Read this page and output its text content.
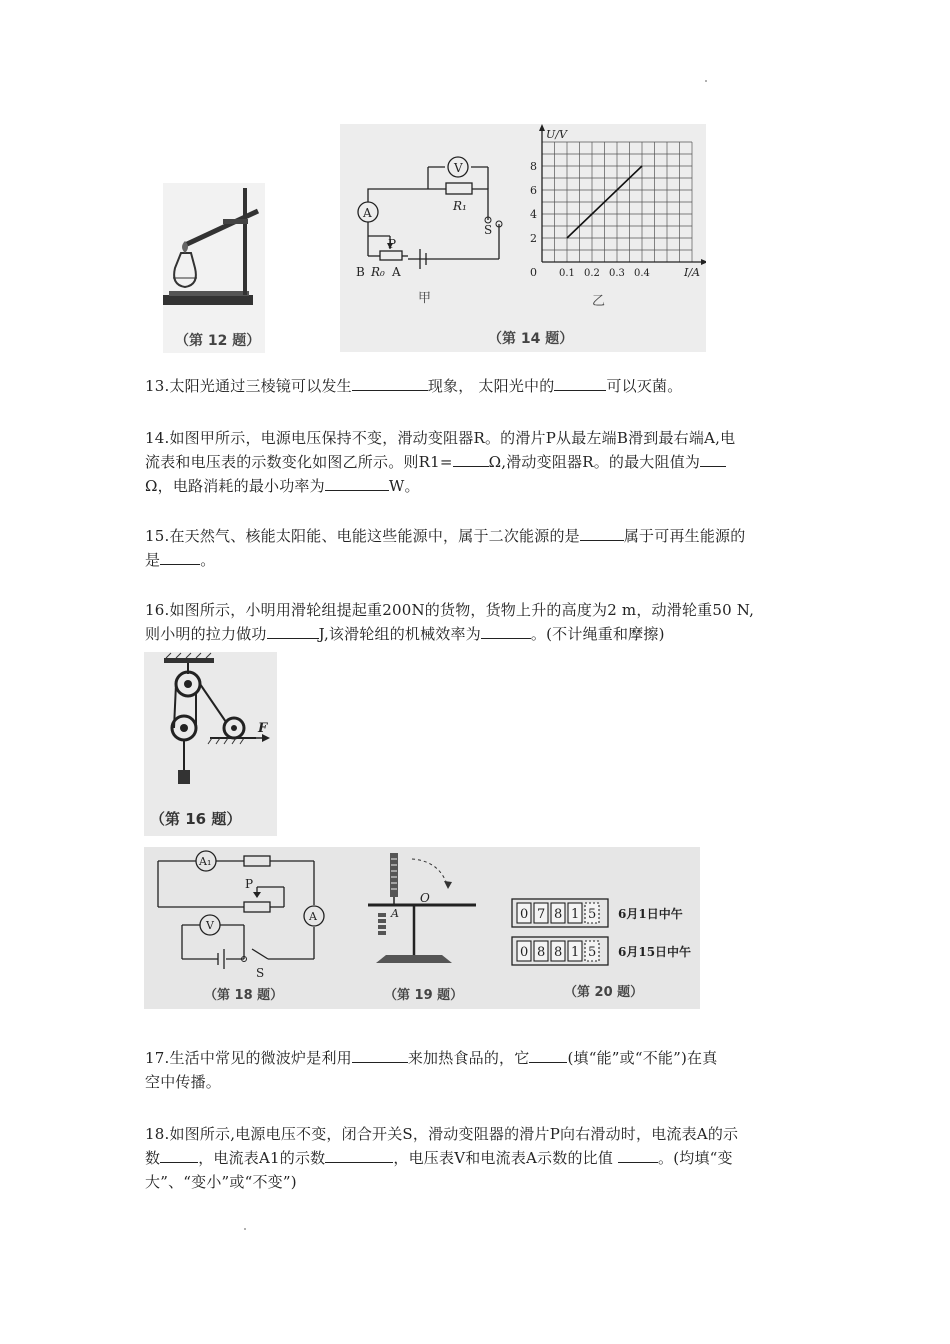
（第 12 题）
V
A	R₁
S
P
B R₀ A
甲
2
4
6
8
0.1 0.2 0.3 0.4
0
U/V
I/A
乙
（第 14 题）
13.太阳光通过三棱镜可以发生	现象， 太阳光中的	可以灭菌。
14.如图甲所示，电源电压保持不变，滑动变阻器R。的滑片P从最左端B滑到最右端A,电
流表和电压表的示数变化如图乙所示。则R1= Ω,滑动变阻器R。的最大阻值为
Ω，电路消耗的最小功率为	W。
15.在天然气、核能太阳能、电能这些能源中，属于二次能源的是	属于可再生能源的
是	。
16.如图所示，小明用滑轮组提起重200N的货物，货物上升的高度为2 m，动滑轮重50 N,
则小明的拉力做功	J,该滑轮组的机械效率为	。(不计绳重和摩擦)
F
（第 16 题）
A₁
P
A
V
S
（第 18 题）
O
A
（第 19 题）
0 7 8 1 5 6月1日中午
0 8 8 1 5 6月15日中午
（第 20 题）
17.生活中常见的微波炉是利用	来加热食品的，它	(填“能”或“不能”)在真
空中传播。
18.如图所示,电源电压不变，闭合开关S，滑动变阻器的滑片P向右滑动时，电流表A的示
数	，电流表A1的示数	，电压表V和电流表A示数的比值	。(均填“变
大”、“变小”或“不变”)
